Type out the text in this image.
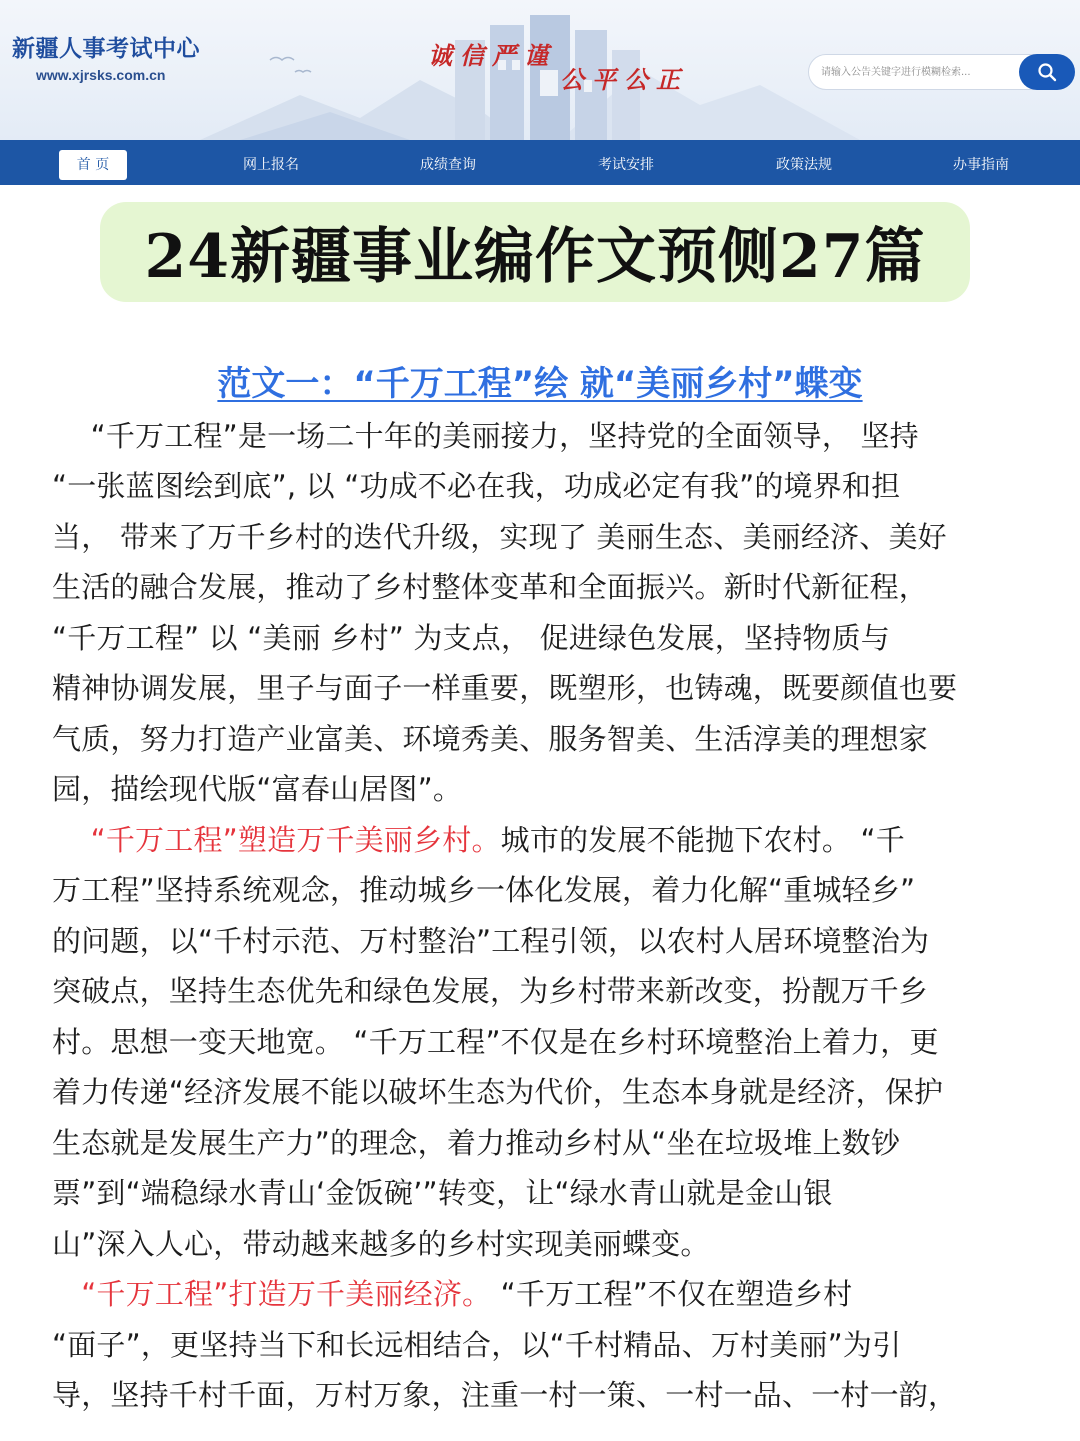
新疆人事考试中心
www.xjrsks.com.cn
诚信严谨
公平公正
请输入公告关键字进行模糊检索...
首 页	网上报名	成绩查询	考试安排	政策法规	办事指南
24新疆事业编作文预侧27篇
范文一：“千万工程”绘 就“美丽乡村”蝶变
　 “千万工程”是一场二十年的美丽接力，坚持党的全面领导， 坚持
“一张蓝图绘到底”, 以 “功成不必在我，功成必定有我”的境界和担
当， 带来了万千乡村的迭代升级，实现了 美丽生态、美丽经济、美好
生活的融合发展，推动了乡村整体变革和全面振兴。新时代新征程，
“千万工程” 以 “美丽 乡村” 为支点， 促进绿色发展，坚持物质与
精神协调发展，里子与面子一样重要，既塑形，也铸魂，既要颜值也要
气质，努力打造产业富美、环境秀美、服务智美、生活淳美的理想家
园，描绘现代版“富春山居图”。
　 “千万工程”塑造万千美丽乡村。城市的发展不能抛下农村。 “千
万工程”坚持系统观念，推动城乡一体化发展，着力化解“重城轻乡”
的问题，以“千村示范、万村整治”工程引领，以农村人居环境整治为
突破点，坚持生态优先和绿色发展，为乡村带来新改变，扮靓万千乡
村。思想一变天地宽。 “千万工程”不仅是在乡村环境整治上着力，更
着力传递“经济发展不能以破坏生态为代价，生态本身就是经济，保护
生态就是发展生产力”的理念，着力推动乡村从“坐在垃圾堆上数钞
票”到“端稳绿水青山‘金饭碗’”转变，让“绿水青山就是金山银
山”深入人心，带动越来越多的乡村实现美丽蝶变。
　“千万工程”打造万千美丽经济。 “千万工程”不仅在塑造乡村
“面子”，更坚持当下和长远相结合，以“千村精品、万村美丽”为引
导，坚持千村千面，万村万象，注重一村一策、一村一品、一村一韵，
